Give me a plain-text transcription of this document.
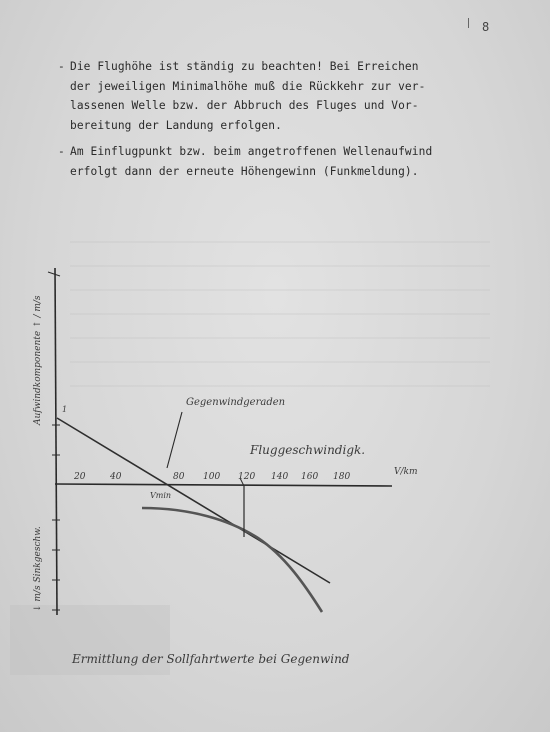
8
- Die Flughöhe ist ständig zu beachten! Bei Erreichen
der jeweiligen Minimalhöhe muß die Rückkehr zur ver-
lassenen Welle bzw. der Abbruch des Fluges und Vor-
bereitung der Landung erfolgen.
- Am Einflugpunkt bzw. beim angetroffenen Wellenaufwind
erfolgt dann der erneute Höhengewinn (Funkmeldung).
1
20	40	80 100 120 140 160 180	V/km
Fluggeschwindigk.
Gegenwindgeraden
Vmin
Aufwindkomponente ↑ / m/s
↓ m/s Sinkgeschw.
Ermittlung der Sollfahrtwerte bei Gegenwind
